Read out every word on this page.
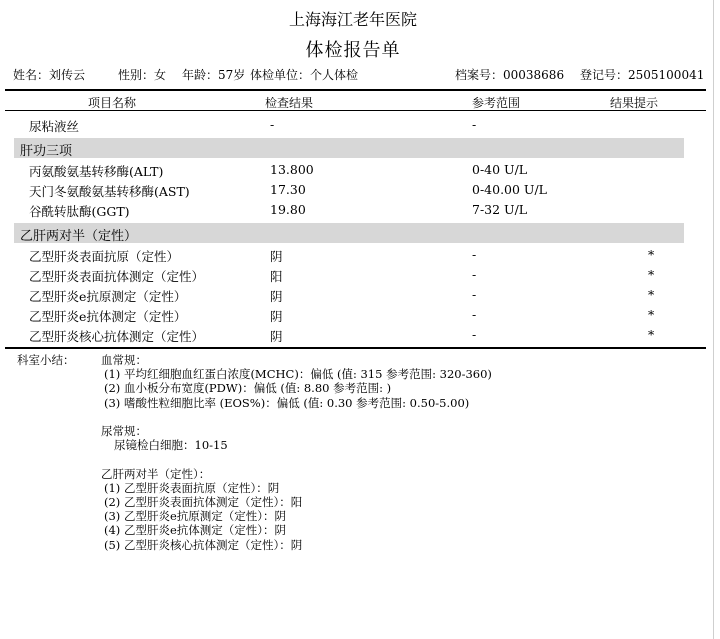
上海海江老年医院
体检报告单
姓名：刘传云	性别：女 年龄：57岁 体检单位：个人体检	档案号：00038686 登记号：2505100041
项目名称	检查结果	参考范围	结果提示
尿粘液丝	-	-
肝功三项
丙氨酸氨基转移酶(ALT)	13.800	0-40 U/L
天门冬氨酸氨基转移酶(AST)	17.30	0-40.00 U/L
谷酰转肽酶(GGT)	19.80	7-32 U/L
乙肝两对半（定性）
乙型肝炎表面抗原（定性）	阴	-	*
乙型肝炎表面抗体测定（定性）	阳	-	*
乙型肝炎e抗原测定（定性）	阴	-	*
乙型肝炎e抗体测定（定性）	阴	-	*
乙型肝炎核心抗体测定（定性）	阴	-	*
科室小结： 血常规：
(1) 平均红细胞血红蛋白浓度(MCHC)：偏低 (值: 315 参考范围: 320-360)
(2) 血小板分布宽度(PDW)：偏低 (值: 8.80 参考范围: )
(3) 嗜酸性粒细胞比率 (EOS%)：偏低 (值: 0.30 参考范围: 0.50-5.00)
尿常规：
尿镜检白细胞：10-15
乙肝两对半（定性）：
(1) 乙型肝炎表面抗原（定性）：阴
(2) 乙型肝炎表面抗体测定（定性）：阳
(3) 乙型肝炎e抗原测定（定性）：阴
(4) 乙型肝炎e抗体测定（定性）：阴
(5) 乙型肝炎核心抗体测定（定性）：阴
